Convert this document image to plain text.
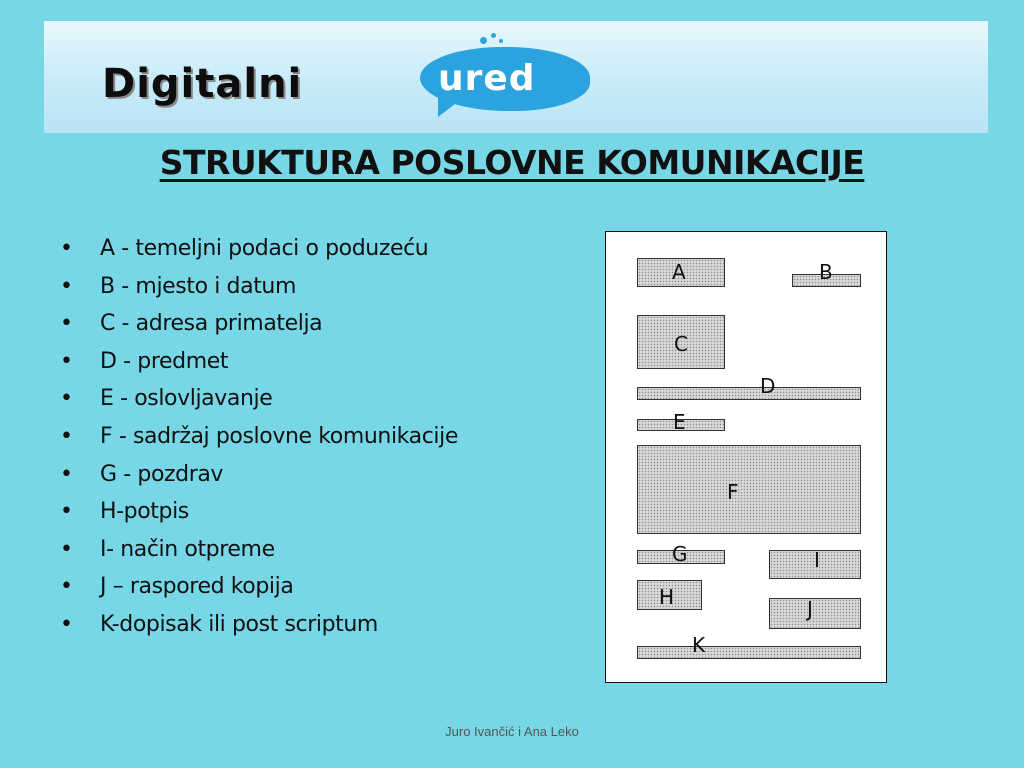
Digitalni	ured
STRUKTURA POSLOVNE KOMUNIKACIJE
• A - temeljni podaci o poduzeću
• B - mjesto i datum
• C - adresa primatelja
• D - predmet
• E - oslovljavanje
• F - sadržaj poslovne komunikacije
• G - pozdrav
• H-potpis
• I- način otpreme
• J – raspored kopija
• K-dopisak ili post scriptum
A	B
C
D
E
F
G	I
H	J
K
Juro Ivančić i Ana Leko
